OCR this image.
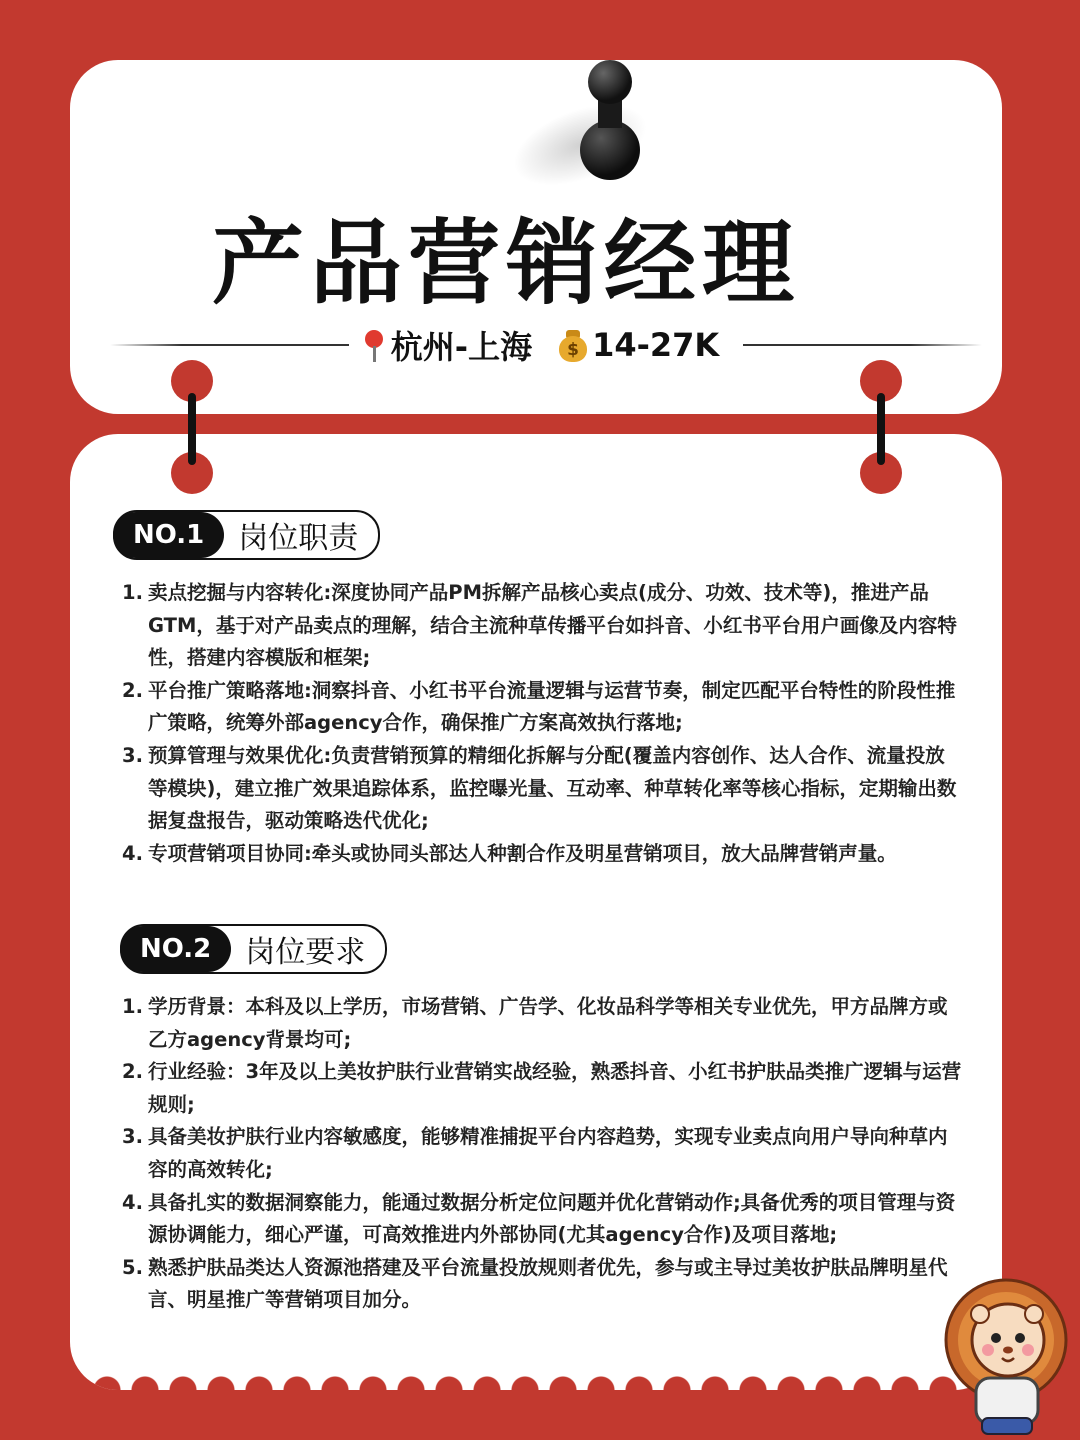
产品营销经理
杭州-上海	$ 14-27K
NO.1	岗位职责
1. 卖点挖掘与内容转化:深度协同产品PM拆解产品核心卖点(成分、功效、技术等)，推进产品GTM，基于对产品卖点的理解，结合主流种草传播平台如抖音、小红书平台用户画像及内容特性，搭建内容模版和框架;
2. 平台推广策略落地:洞察抖音、小红书平台流量逻辑与运营节奏，制定匹配平台特性的阶段性推广策略，统筹外部agency合作，确保推广方案高效执行落地;
3. 预算管理与效果优化:负责营销预算的精细化拆解与分配(覆盖内容创作、达人合作、流量投放等模块)，建立推广效果追踪体系，监控曝光量、互动率、种草转化率等核心指标，定期输出数据复盘报告，驱动策略迭代优化;
4. 专项营销项目协同:牵头或协同头部达人种割合作及明星营销项目，放大品牌营销声量。
NO.2	岗位要求
1. 学历背景：本科及以上学历，市场营销、广告学、化妆品科学等相关专业优先，甲方品牌方或乙方agency背景均可;
2. 行业经验：3年及以上美妆护肤行业营销实战经验，熟悉抖音、小红书护肤品类推广逻辑与运营规则;
3. 具备美妆护肤行业内容敏感度，能够精准捕捉平台内容趋势，实现专业卖点向用户导向种草内容的高效转化;
4. 具备扎实的数据洞察能力，能通过数据分析定位问题并优化营销动作;具备优秀的项目管理与资源协调能力，细心严谨，可高效推进内外部协同(尤其agency合作)及项目落地;
5. 熟悉护肤品类达人资源池搭建及平台流量投放规则者优先，参与或主导过美妆护肤品牌明星代言、明星推广等营销项目加分。
